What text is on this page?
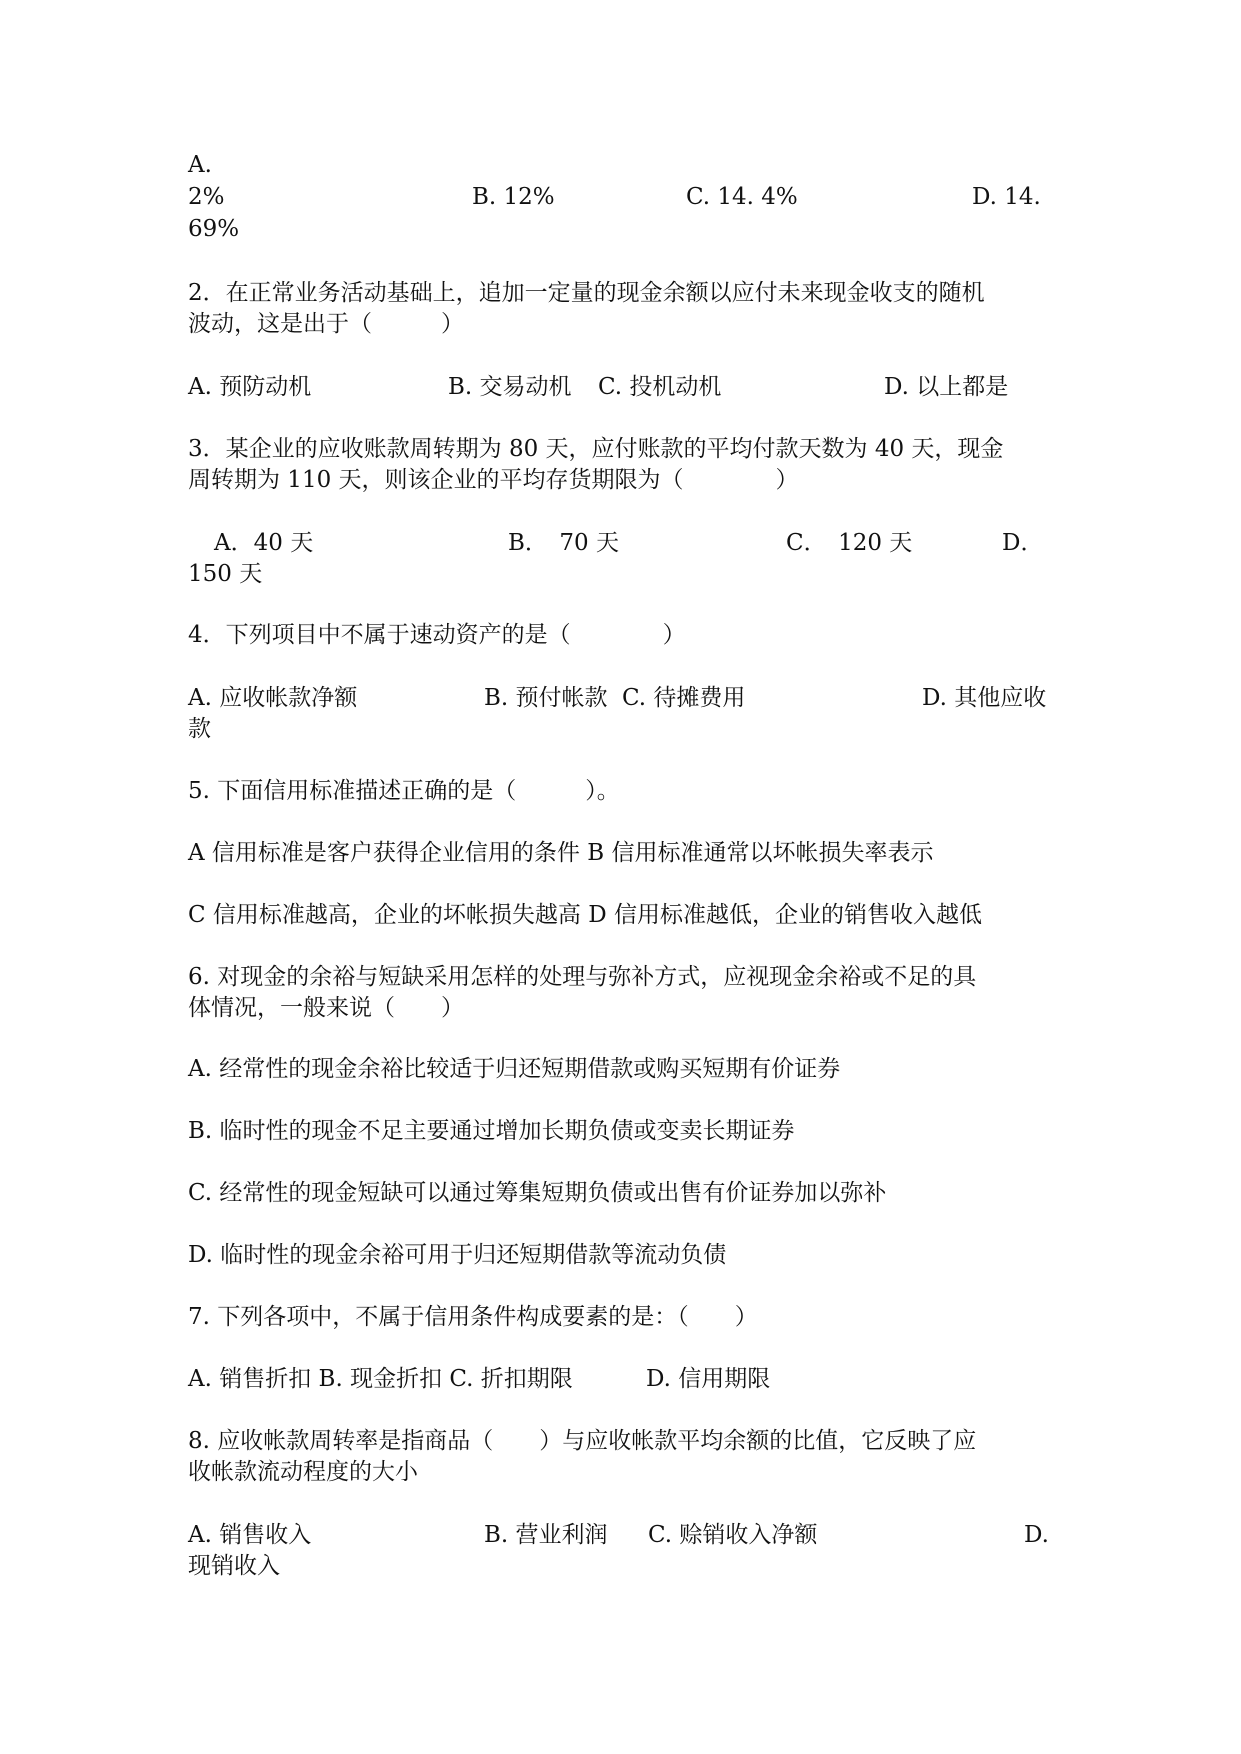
A.

2%	B. 12%	C. 14. 4%	D. 14.

69%

2．在正常业务活动基础上，追加一定量的现金余额以应付未来现金收支的随机

波动，这是出于（　　　）

A. 预防动机	B. 交易动机 C. 投机动机	D. 以上都是

3．某企业的应收账款周转期为 80 天，应付账款的平均付款天数为 40 天，现金

周转期为 110 天，则该企业的平均存货期限为（　　　　）

A．40 天	B．　70 天	C．　120 天	D．

150 天

4．下列项目中不属于速动资产的是（　　　　）

A. 应收帐款净额	B. 预付帐款 C. 待摊费用	D. 其他应收

款

5. 下面信用标准描述正确的是（　　　）。

A 信用标准是客户获得企业信用的条件 B 信用标准通常以坏帐损失率表示

C 信用标准越高，企业的坏帐损失越高 D 信用标准越低，企业的销售收入越低

6. 对现金的余裕与短缺采用怎样的处理与弥补方式，应视现金余裕或不足的具

体情况，一般来说（　　）

A. 经常性的现金余裕比较适于归还短期借款或购买短期有价证券

B. 临时性的现金不足主要通过增加长期负债或变卖长期证券

C. 经常性的现金短缺可以通过筹集短期负债或出售有价证券加以弥补

D. 临时性的现金余裕可用于归还短期借款等流动负债

7. 下列各项中，不属于信用条件构成要素的是：（　　）

A. 销售折扣 B. 现金折扣 C. 折扣期限	D. 信用期限

8. 应收帐款周转率是指商品（　　）与应收帐款平均余额的比值，它反映了应

收帐款流动程度的大小

A. 销售收入	B. 营业利润 C. 赊销收入净额	D.

现销收入
